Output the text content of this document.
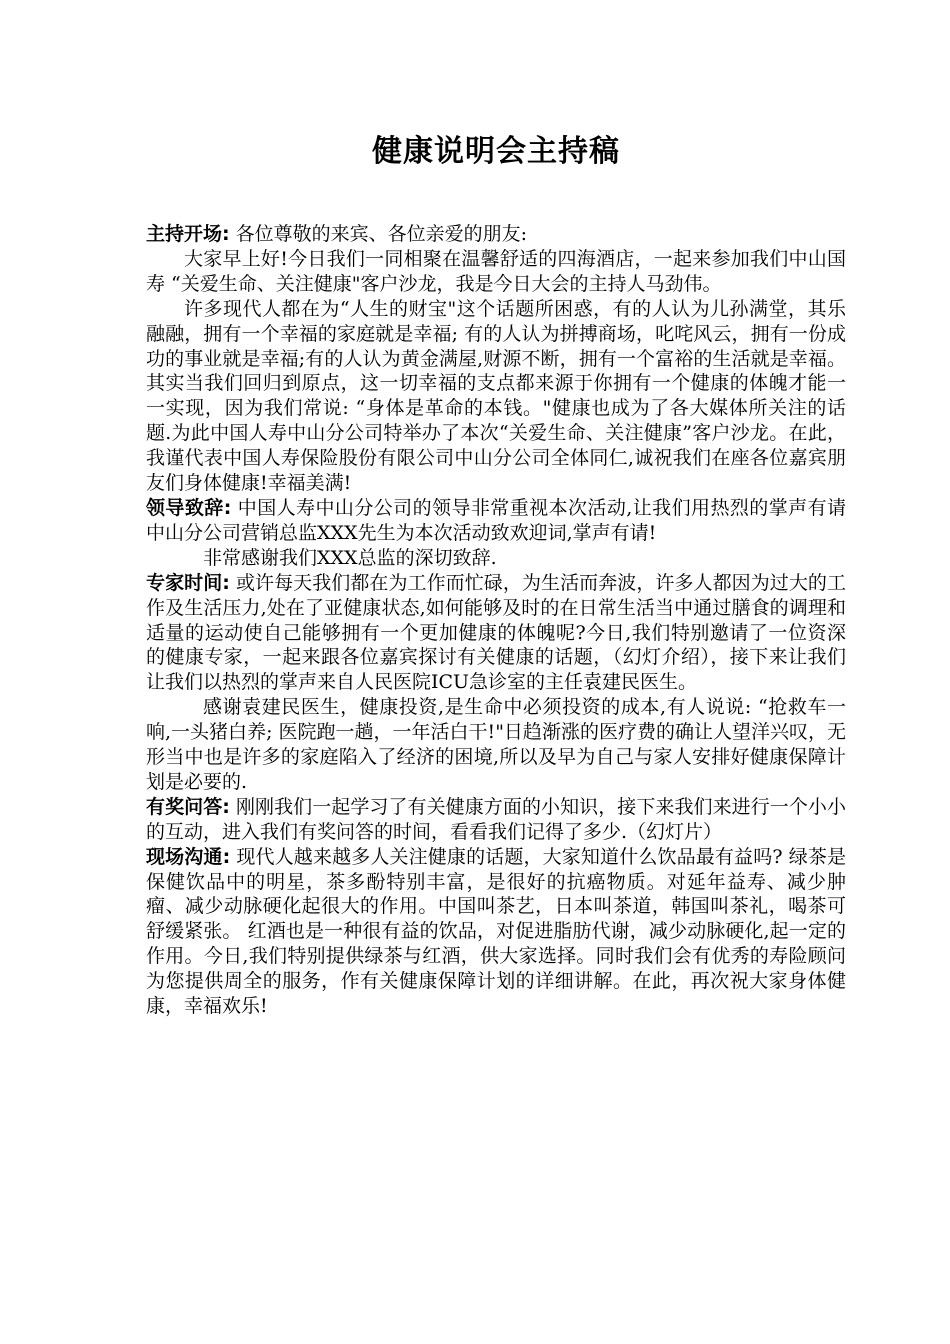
健康说明会主持稿

主持开场: 各位尊敬的来宾、各位亲爱的朋友:

大家早上好!今日我们一同相聚在温馨舒适的四海酒店，一起来参加我们中山国寿 “关爱生命、关注健康"客户沙龙，我是今日大会的主持人马劲伟。

许多现代人都在为“人生的财宝"这个话题所困惑，有的人认为儿孙满堂，其乐融融，拥有一个幸福的家庭就是幸福; 有的人认为拼搏商场，叱咤风云，拥有一份成功的事业就是幸福;有的人认为黄金满屋,财源不断，拥有一个富裕的生活就是幸福。其实当我们回归到原点，这一切幸福的支点都来源于你拥有一个健康的体魄才能一一实现，因为我们常说: “身体是革命的本钱。"健康也成为了各大媒体所关注的话题.为此中国人寿中山分公司特举办了本次“关爱生命、关注健康”客户沙龙。在此，我谨代表中国人寿保险股份有限公司中山分公司全体同仁,诚祝我们在座各位嘉宾朋友们身体健康!幸福美满!

领导致辞: 中国人寿中山分公司的领导非常重视本次活动,让我们用热烈的掌声有请中山分公司营销总监XXX先生为本次活动致欢迎词,掌声有请!

非常感谢我们XXX总监的深切致辞.

专家时间: 或许每天我们都在为工作而忙碌，为生活而奔波，许多人都因为过大的工作及生活压力,处在了亚健康状态,如何能够及时的在日常生活当中通过膳食的调理和适量的运动使自己能够拥有一个更加健康的体魄呢?今日,我们特别邀请了一位资深的健康专家，一起来跟各位嘉宾探讨有关健康的话题，（幻灯介绍），接下来让我们让我们以热烈的掌声来自人民医院ICU急诊室的主任袁建民医生。

感谢袁建民医生，健康投资,是生命中必须投资的成本,有人说说: “抢救车一响,一头猪白养; 医院跑一趟，一年活白干!"日趋渐涨的医疗费的确让人望洋兴叹，无形当中也是许多的家庭陷入了经济的困境,所以及早为自己与家人安排好健康保障计划是必要的.

有奖问答: 刚刚我们一起学习了有关健康方面的小知识，接下来我们来进行一个小小的互动，进入我们有奖问答的时间，看看我们记得了多少.（幻灯片）

现场沟通: 现代人越来越多人关注健康的话题，大家知道什么饮品最有益吗? 绿茶是保健饮品中的明星，茶多酚特别丰富，是很好的抗癌物质。对延年益寿、减少肿瘤、减少动脉硬化起很大的作用。中国叫茶艺，日本叫茶道，韩国叫茶礼，喝茶可舒缓紧张。 红酒也是一种很有益的饮品，对促进脂肪代谢，减少动脉硬化,起一定的作用。今日,我们特别提供绿茶与红酒，供大家选择。同时我们会有优秀的寿险顾问为您提供周全的服务，作有关健康保障计划的详细讲解。在此，再次祝大家身体健康，幸福欢乐!
